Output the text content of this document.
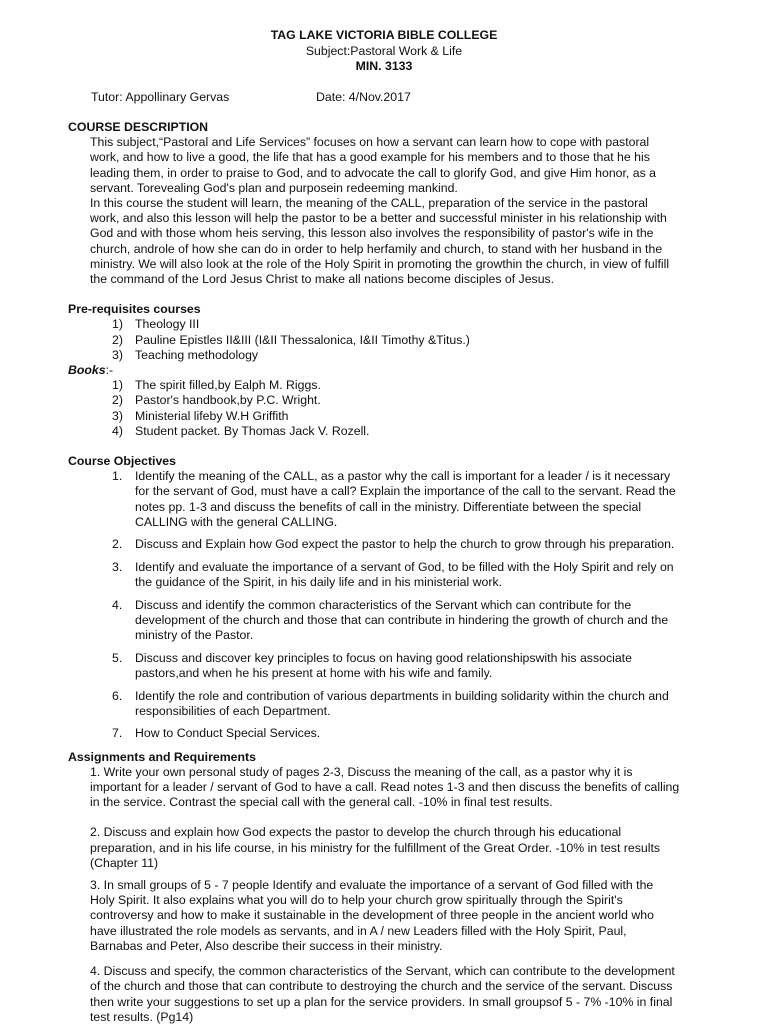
TAG LAKE VICTORIA BIBLE COLLEGE
Subject:Pastoral Work & Life
MIN. 3133
Tutor: Appollinary Gervas	Date: 4/Nov.2017
COURSE DESCRIPTION

This subject,“Pastoral and Life Services” focuses on how a servant can learn how to cope with pastoral work, and how to live a good, the life that has a good example for his members and to those that he his leading them, in order to praise to God, and to advocate the call to glorify God, and give Him honor, as a servant. Torevealing God's plan and purposein redeeming mankind.

In this course the student will learn, the meaning of the CALL, preparation of the service in the pastoral work, and also this lesson will help the pastor to be a better and successful minister in his relationship with God and with those whom heis serving, this lesson also involves the responsibility of pastor's wife in the church, androle of how she can do in order to help herfamily and church, to stand with her husband in the ministry. We will also look at the role of the Holy Spirit in promoting the growthin the church, in view of fulfill the command of the Lord Jesus Christ to make all nations become disciples of Jesus.

Pre-requisites courses
1) Theology III
2) Pauline Epistles II&III (I&II Thessalonica, I&II Timothy &Titus.)
3) Teaching methodology
Books:-
1) The spirit filled,by Ealph M. Riggs.
2) Pastor's handbook,by P.C. Wright.
3) Ministerial lifeby W.H Griffith
4) Student packet. By Thomas Jack V. Rozell.
Course Objectives
1. Identify the meaning of the CALL, as a pastor why the call is important for a leader / is it necessary for the servant of God, must have a call? Explain the importance of the call to the servant. Read the notes pp. 1-3 and discuss the benefits of call in the ministry. Differentiate between the special CALLING with the general CALLING.
2. Discuss and Explain how God expect the pastor to help the church to grow through his preparation.
3. Identify and evaluate the importance of a servant of God, to be filled with the Holy Spirit and rely on the guidance of the Spirit, in his daily life and in his ministerial work.
4. Discuss and identify the common characteristics of the Servant which can contribute for the development of the church and those that can contribute in hindering the growth of church and the ministry of the Pastor.
5. Discuss and discover key principles to focus on having good relationshipswith his associate pastors,and when he his present at home with his wife and family.
6. Identify the role and contribution of various departments in building solidarity within the church and responsibilities of each Department.
7. How to Conduct Special Services.
Assignments and Requirements

1. Write your own personal study of pages 2-3, Discuss the meaning of the call, as a pastor why it is important for a leader / servant of God to have a call. Read notes 1-3 and then discuss the benefits of calling in the service. Contrast the special call with the general call. -10% in final test results.

2. Discuss and explain how God expects the pastor to develop the church through his educational preparation, and in his life course, in his ministry for the fulfillment of the Great Order. -10% in test results (Chapter 11)

3. In small groups of 5 - 7 people Identify and evaluate the importance of a servant of God filled with the Holy Spirit. It also explains what you will do to help your church grow spiritually through the Spirit's controversy and how to make it sustainable in the development of three people in the ancient world who have illustrated the role models as servants, and in A / new Leaders filled with the Holy Spirit, Paul, Barnabas and Peter, Also describe their success in their ministry.

4. Discuss and specify, the common characteristics of the Servant, which can contribute to the development of the church and those that can contribute to destroying the church and the service of the servant. Discuss then write your suggestions to set up a plan for the service providers. In small groupsof 5 - 7% -10% in final test results. (Pg14)
